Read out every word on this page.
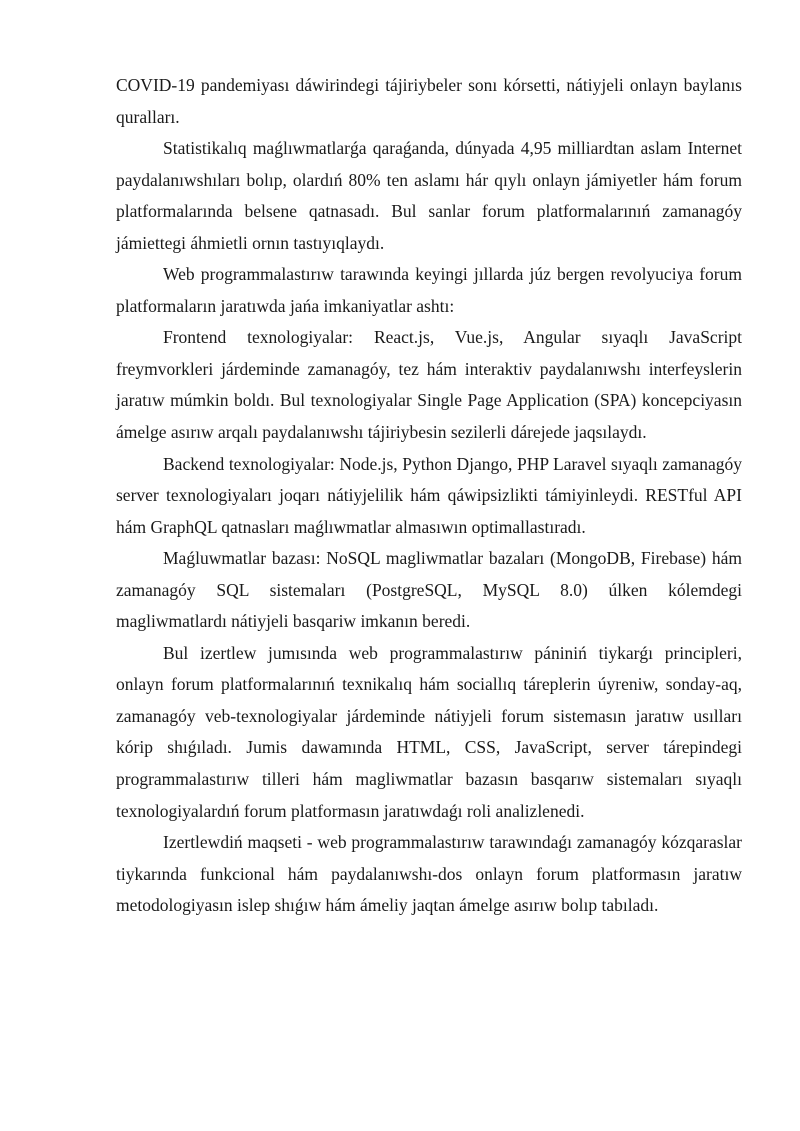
COVID-19 pandemiyası dáwirindegi tájiriybeler sonı kórsetti, nátiyjeli onlayn baylanıs quralları.

Statistikalıq maǵlıwmatlarǵa qaraǵanda, dúnyada 4,95 milliardtan aslam Internet paydalanıwshıları bolıp, olardıń 80% ten aslamı hár qıylı onlayn jámiyetler hám forum platformalarında belsene qatnasadı. Bul sanlar forum platformalarınıń zamanagóy jámiettegi áhmietli ornın tastıyıqlaydı.

Web programmalastırıw tarawında keyingi jıllarda júz bergen revolyuciya forum platformaların jaratıwda jańa imkaniyatlar ashtı:

Frontend texnologiyalar: React.js, Vue.js, Angular sıyaqlı JavaScript freymvorkleri járdeminde zamanagóy, tez hám interaktiv paydalanıwshı interfeyslerin jaratıw múmkin boldı. Bul texnologiyalar Single Page Application (SPA) koncepciyasın ámelge asırıw arqalı paydalanıwshı tájiriybesin sezilerli dárejede jaqsılaydı.

Backend texnologiyalar: Node.js, Python Django, PHP Laravel sıyaqlı zamanagóy server texnologiyaları joqarı nátiyjelilik hám qáwipsizlikti támiyinleydi. RESTful API hám GraphQL qatnasları maǵlıwmatlar almasıwın optimallastıradı.

Maǵluwmatlar bazası: NoSQL magliwmatlar bazaları (MongoDB, Firebase) hám zamanagóy SQL sistemaları (PostgreSQL, MySQL 8.0) úlken kólemdegi magliwmatlardı nátiyjeli basqariw imkanın beredi.

Bul izertlew jumısında web programmalastırıw pániniń tiykarǵı principleri, onlayn forum platformalarınıń texnikalıq hám sociallıq táreplerin úyreniw, sonday-aq, zamanagóy veb-texnologiyalar járdeminde nátiyjeli forum sistemasın jaratıw usılları kórip shıǵıladı. Jumis dawamında HTML, CSS, JavaScript, server tárepindegi programmalastırıw tilleri hám magliwmatlar bazasın basqarıw sistemaları sıyaqlı texnologiyalardıń forum platformasın jaratıwdaǵı roli analizlenedi.

Izertlewdiń maqseti - web programmalastırıw tarawındaǵı zamanagóy kózqaraslar tiykarında funkcional hám paydalanıwshı-dos onlayn forum platformasın jaratıw metodologiyasın islep shıǵıw hám ámeliy jaqtan ámelge asırıw bolıp tabıladı.
